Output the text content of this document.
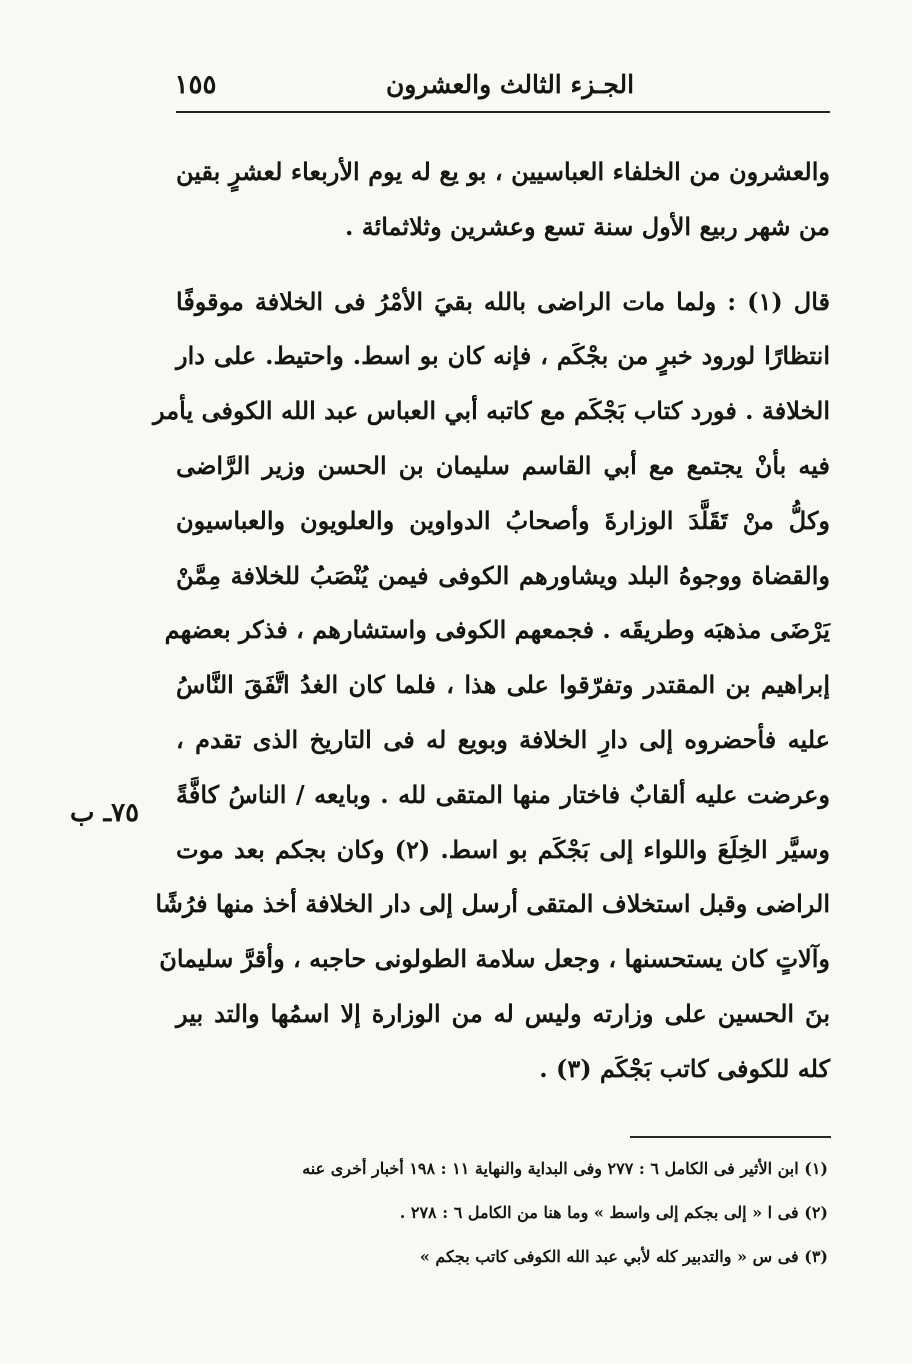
الجـزء الثالث والعشرون
١٥٥
والعشرون من الخلفاء العباسيين ، بو يع له يوم الأربعاء لعشرٍ بقين
من شهر ربيع الأول سنة تسع وعشرين وثلاثمائة .
قال (١) : ولما مات الراضى بالله بقيَ الأمْرُ فى الخلافة موقوفًا
انتظارًا لورود خبرٍ من بجْكَم ، فإنه كان بو اسط. واحتيط. على دار
الخلافة . فورد كتاب بَجْكَم مع كاتبه أبي العباس عبد الله الكوفى يأمر
فيه بأنْ يجتمع مع أبي القاسم سليمان بن الحسن وزير الرَّاضى
وكلُّ منْ تَقَلَّدَ الوزارةَ وأصحابُ الدواوين والعلويون والعباسيون
والقضاة ووجوهُ البلد ويشاورهم الكوفى فيمن يُنْصَبُ للخلافة مِمَّنْ
يَرْضَى مذهبَه وطريقَه . فجمعهم الكوفى واستشارهم ، فذكر بعضهم
إبراهيم بن المقتدر وتفرّقوا على هذا ، فلما كان الغدُ اتَّفَقَ النَّاسُ
عليه فأحضروه إلى دارِ الخلافة وبويع له فى التاريخ الذى تقدم ،
وعرضت عليه ألقابٌ فاختار منها المتقى لله . وبايعه / الناسُ كافَّةً
وسيَّر الخِلَعَ واللواء إلى بَجْكَم بو اسط. (٢) وكان بجكم بعد موت
الراضى وقبل استخلاف المتقى أرسل إلى دار الخلافة أخذ منها فرُشًا
وآلاتٍ كان يستحسنها ، وجعل سلامة الطولونى حاجبه ، وأقرَّ سليمانَ
بنَ الحسين على وزارته وليس له من الوزارة إلا اسمُها والتد بير
كله للكوفى كاتب بَجْكَم (٣) .
٧٥ـ ب
(١) ابن الأثير فى الكامل ٦ : ٢٧٧ وفى البداية والنهاية ١١ : ١٩٨ أخبار أخرى عنه
(٢) فى ا « إلى بجكم إلى واسط » وما هنا من الكامل ٦ : ٢٧٨ .
(٣) فى س « والتدبير كله لأبي عبد الله الكوفى كاتب بجكم »
